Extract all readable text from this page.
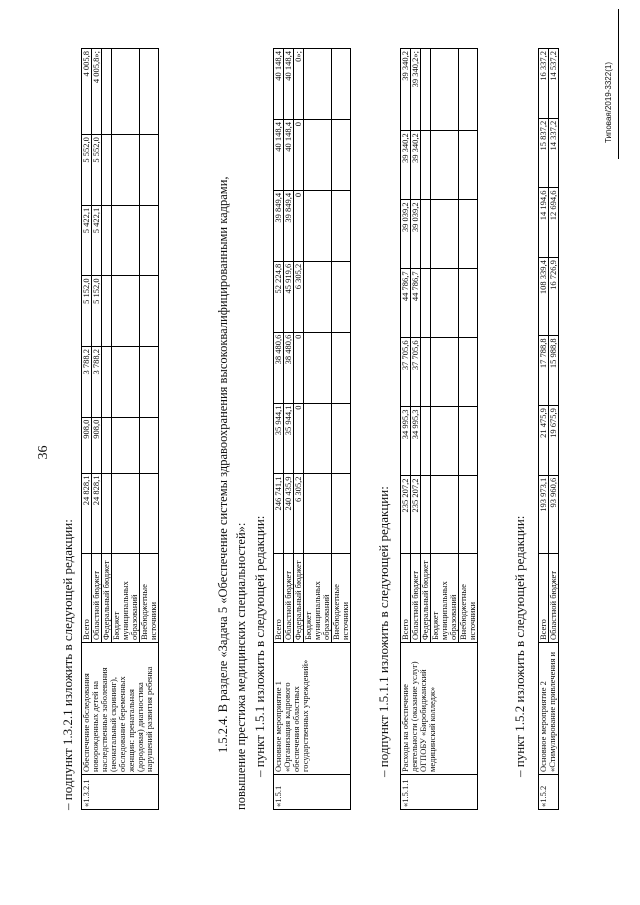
36
– подпункт 1.3.2.1 изложить в следующей редакции: «1.3.2.1	Обеспечение обследования новорожденных детей на наследственные заболевания (неонатальный скрининг), обследование беременных женщин: пренатальная (дородовая) диагностика нарушений развития ребенка	Всего	24 828,1	908,0	3 788,2	5 152,0	5 422,1	5 552,0	4 005,8
		Областной бюджет	24 828,1	908,0	3 788,2	5 152,0	5 422,1	5 552,0	4 005,8»;
		Федеральный бюджет							
		Бюджет муниципальных образований							
		Внебюджетные источники								1.5.2.4. В разделе «Задача 5 «Обеспечение системы здравоохранения высококвалифицированными кадрами, повышение престижа медицинских специальностей»: – пункт 1.5.1 изложить в следующей редакции:
«1.5.1	Основное мероприятие 1 «Организация кадрового обеспечения областных государственных учреждений»	Всего	246 741,1	35 944,1	38 480,6	52 224,8	39 849,4	40 148,4	40 148,4
		Областной бюджет	240 435,9	35 944,1	38 480,6	45 919,6	39 849,4	40 148,4	40 148,4
		Федеральный бюджет	6 305,2	0	0	6 305,2	0	0	0»;
		Бюджет муниципальных образований							
		Внебюджетные источники							– подпункт 1.5.1.1 изложить в следующей редакции:
«1.5.1.1	Расходы на обеспечение деятельности (оказание услуг) ОГПОБУ «Биробиджанский медицинский колледж»	Всего	235 207,2	34 995,3	37 705,6	44 786,7	39 039,2	39 340,2	39 340,2
		Областной бюджет	235 207,2	34 995,3	37 705,6	44 786,7	39 039,2	39 340,2	39 340,2»;
		Федеральный бюджет							
		Бюджет муниципальных образований							
		Внебюджетные источники								– пункт 1.5.2 изложить в следующей редакции:
«1.5.2	Основное мероприятие 2 «Стимулирование привлечения и	Всего	193 973,1	21 475,9	17 788,8	108 339,4	14 194,6	15 837,2	16 337,2
		Областной бюджет	93 960,6	19 675,9	15 988,8	16 726,9	12 694,6	14 337,2	14 537,2	Типовая/2019-3322(1)
